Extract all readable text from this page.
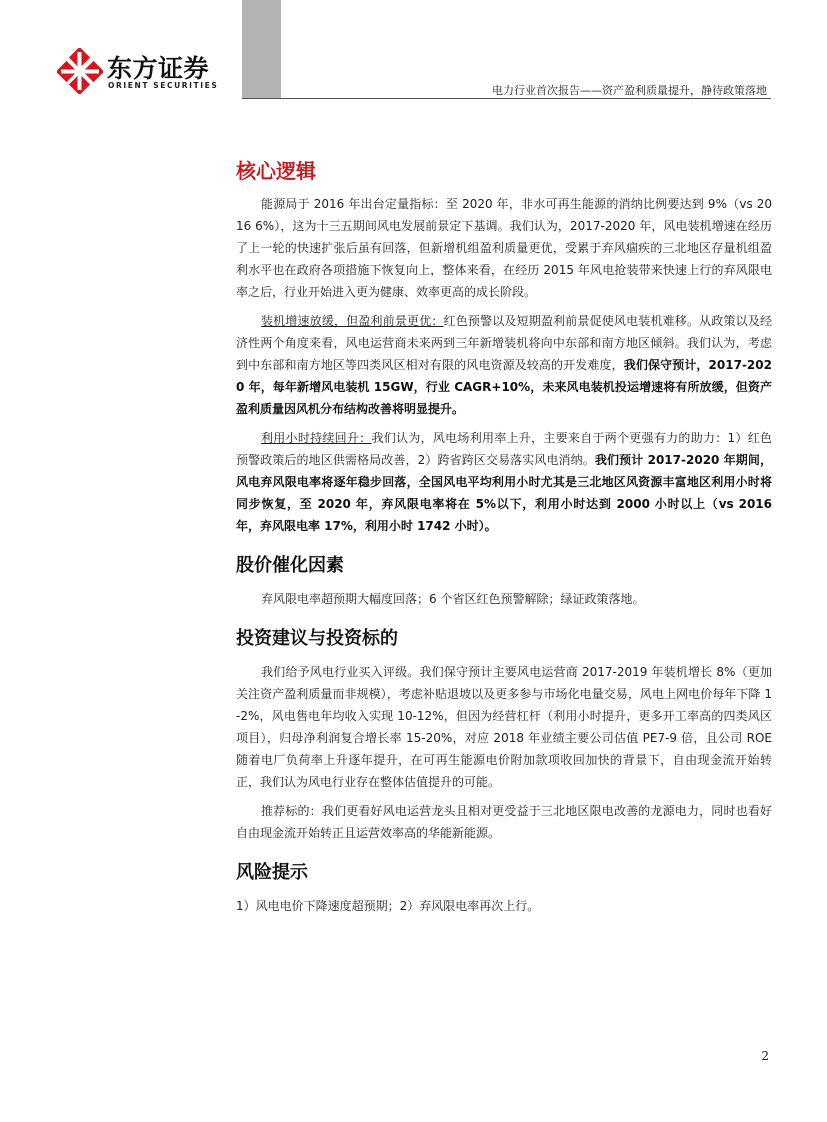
东方证券
ORIENT SECURITIES	电力行业首次报告——资产盈利质量提升，静待政策落地
核心逻辑

能源局于 2016 年出台定量指标：至 2020 年，非水可再生能源的消纳比例要达到 9%（vs 2016 6%），这为十三五期间风电发展前景定下基调。我们认为，2017-2020 年，风电装机增速在经历了上一轮的快速扩张后虽有回落，但新增机组盈利质量更优，受累于弃风痼疾的三北地区存量机组盈利水平也在政府各项措施下恢复向上，整体来看，在经历 2015 年风电抢装带来快速上行的弃风限电率之后，行业开始进入更为健康、效率更高的成长阶段。

装机增速放缓，但盈利前景更优：红色预警以及短期盈利前景促使风电装机难移。从政策以及经济性两个角度来看，风电运营商未来两到三年新增装机将向中东部和南方地区倾斜。我们认为，考虑到中东部和南方地区等四类风区相对有限的风电资源及较高的开发难度，我们保守预计，2017-2020 年，每年新增风电装机 15GW，行业 CAGR+10%，未来风电装机投运增速将有所放缓，但资产盈利质量因风机分布结构改善将明显提升。

利用小时持续回升：我们认为，风电场利用率上升，主要来自于两个更强有力的助力：1）红色预警政策后的地区供需格局改善，2）跨省跨区交易落实风电消纳。我们预计 2017-2020 年期间，风电弃风限电率将逐年稳步回落，全国风电平均利用小时尤其是三北地区风资源丰富地区利用小时将同步恢复，至 2020 年，弃风限电率将在 5%以下，利用小时达到 2000 小时以上（vs 2016 年，弃风限电率 17%，利用小时 1742 小时）。

股价催化因素

弃风限电率超预期大幅度回落；6 个省区红色预警解除；绿证政策落地。

投资建议与投资标的

我们给予风电行业买入评级。我们保守预计主要风电运营商 2017-2019 年装机增长 8%（更加关注资产盈利质量而非规模），考虑补贴退坡以及更多参与市场化电量交易，风电上网电价每年下降 1-2%，风电售电年均收入实现 10-12%，但因为经营杠杆（利用小时提升，更多开工率高的四类风区项目），归母净利润复合增长率 15-20%，对应 2018 年业绩主要公司估值 PE7-9 倍，且公司 ROE 随着电厂负荷率上升逐年提升，在可再生能源电价附加款项收回加快的背景下，自由现金流开始转正，我们认为风电行业存在整体估值提升的可能。

推荐标的：我们更看好风电运营龙头且相对更受益于三北地区限电改善的龙源电力，同时也看好自由现金流开始转正且运营效率高的华能新能源。

风险提示

1）风电电价下降速度超预期；2）弃风限电率再次上行。

2
